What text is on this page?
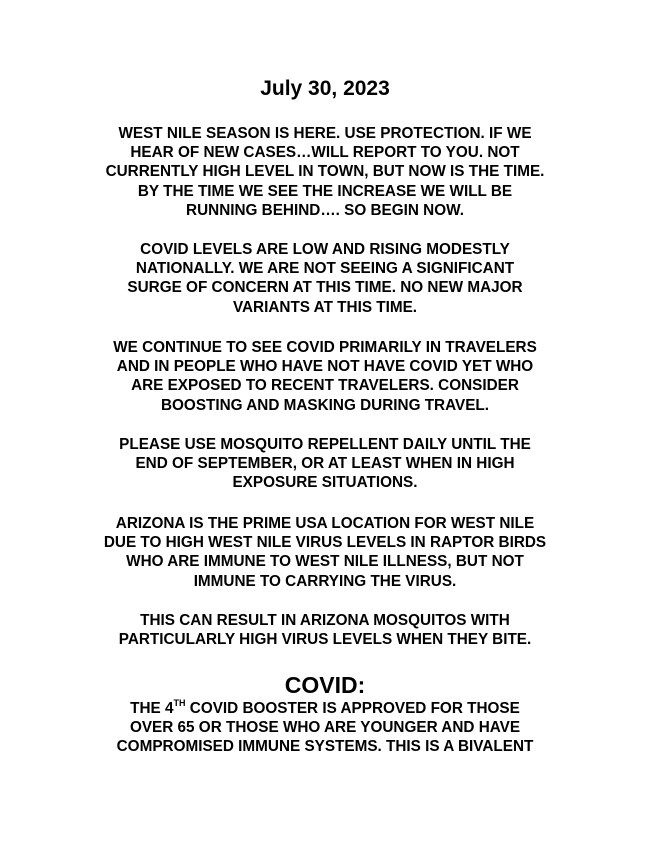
July 30, 2023
WEST NILE SEASON IS HERE. USE PROTECTION. IF WE
HEAR OF NEW CASES…WILL REPORT TO YOU. NOT
CURRENTLY HIGH LEVEL IN TOWN, BUT NOW IS THE TIME.
BY THE TIME WE SEE THE INCREASE WE WILL BE
RUNNING BEHIND…. SO BEGIN NOW.
COVID LEVELS ARE LOW AND RISING MODESTLY
NATIONALLY. WE ARE NOT SEEING A SIGNIFICANT
SURGE OF CONCERN AT THIS TIME. NO NEW MAJOR
VARIANTS AT THIS TIME.
WE CONTINUE TO SEE COVID PRIMARILY IN TRAVELERS
AND IN PEOPLE WHO HAVE NOT HAVE COVID YET WHO
ARE EXPOSED TO RECENT TRAVELERS. CONSIDER
BOOSTING AND MASKING DURING TRAVEL.
PLEASE USE MOSQUITO REPELLENT DAILY UNTIL THE
END OF SEPTEMBER, OR AT LEAST WHEN IN HIGH
EXPOSURE SITUATIONS.
ARIZONA IS THE PRIME USA LOCATION FOR WEST NILE
DUE TO HIGH WEST NILE VIRUS LEVELS IN RAPTOR BIRDS
WHO ARE IMMUNE TO WEST NILE ILLNESS, BUT NOT
IMMUNE TO CARRYING THE VIRUS.
THIS CAN RESULT IN ARIZONA MOSQUITOS WITH
PARTICULARLY HIGH VIRUS LEVELS WHEN THEY BITE.
COVID:
THE 4TH COVID BOOSTER IS APPROVED FOR THOSE
OVER 65 OR THOSE WHO ARE YOUNGER AND HAVE
COMPROMISED IMMUNE SYSTEMS. THIS IS A BIVALENT
